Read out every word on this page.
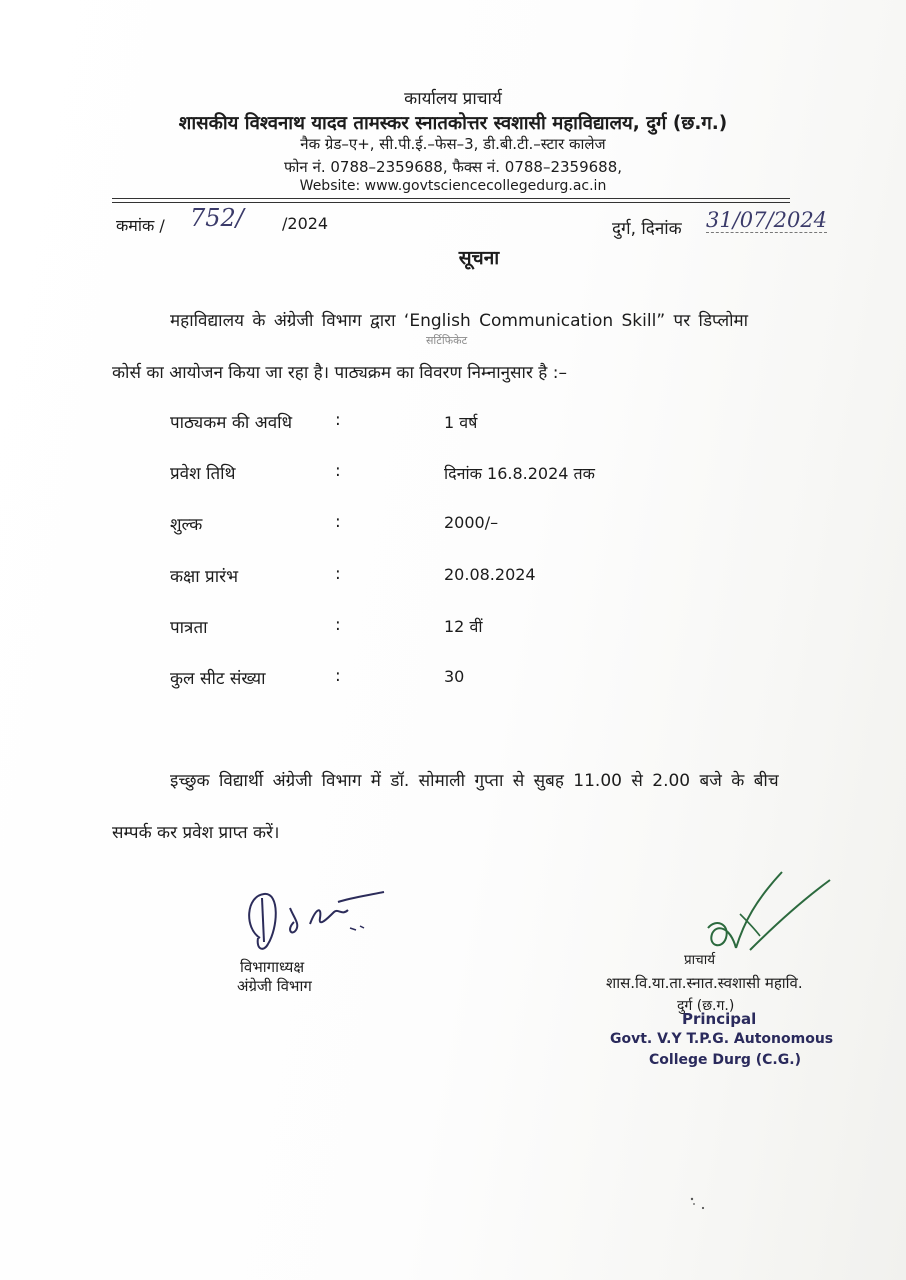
कार्यालय प्राचार्य
शासकीय विश्वनाथ यादव तामस्कर स्नातकोत्तर स्वशासी महाविद्यालय, दुर्ग (छ.ग.)
नैक ग्रेड–ए+, सी.पी.ई.–फेस–3, डी.बी.टी.–स्टार कालेज
फोन नं. 0788–2359688, फैक्स नं. 0788–2359688,
Website: www.govtsciencecollegedurg.ac.in
कमांक / 752/ /2024	दुर्ग, दिनांक 31/07/2024
सूचना
महाविद्यालय के अंग्रेजी विभाग द्वारा ‘English Communication Skill” पर डिप्लोमा
सर्टिफिकेट
कोर्स का आयोजन किया जा रहा है। पाठ्यक्रम का विवरण निम्नानुसार है :–
पाठ्यकम की अवधि	:	1 वर्ष
प्रवेश तिथि	:	दिनांक 16.8.2024 तक
शुल्क	:	2000/–
कक्षा प्रारंभ	:	20.08.2024
पात्रता	:	12 वीं
कुल सीट संख्या	:	30
इच्छुक विद्यार्थी अंग्रेजी विभाग में डॉ. सोमाली गुप्ता से सुबह 11.00 से 2.00 बजे के बीच
सम्पर्क कर प्रवेश प्राप्त करें।
विभागाध्यक्ष
अंग्रेजी विभाग
प्राचार्य
शास.वि.या.ता.स्नात.स्वशासी महावि.
दुर्ग (छ.ग.)
Principal
Govt. V.Y T.P.G. Autonomous
College Durg (C.G.)
